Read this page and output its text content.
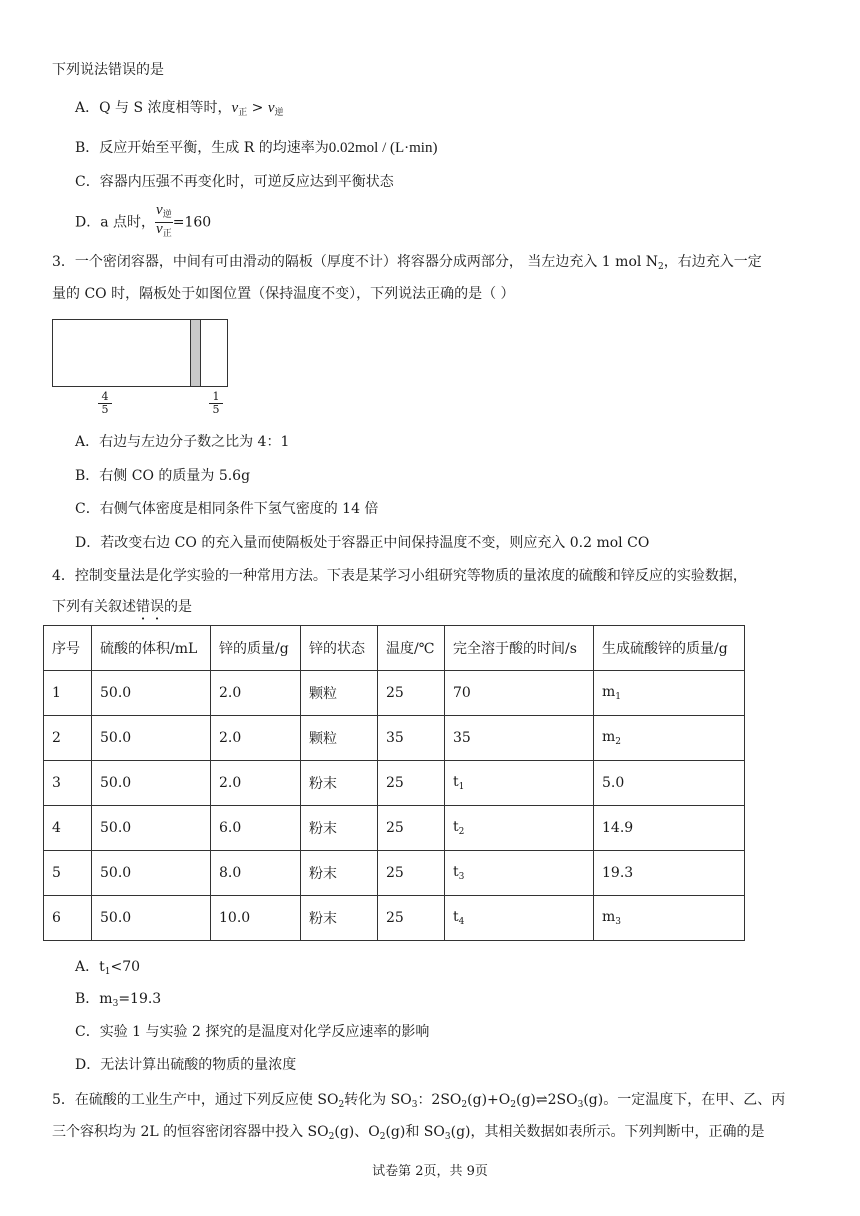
下列说法错误的是
A．Q 与 S 浓度相等时，$v_正 > v_逆$
B．反应开始至平衡，生成 R 的均速率为0.02mol / (L·min)
C．容器内压强不再变化时，可逆反应达到平衡状态
D．a 点时， $\frac{v_逆}{v_正} =160$
3．一个密闭容器，中间有可由滑动的隔板（厚度不计）将容器分成两部分， 当左边充入 1 mol $N_2$，右边充入一定
量的 CO 时，隔板处于如图位置（保持温度不变），下列说法正确的是（ ）
4
5
1
5
A．右边与左边分子数之比为 4：1
B．右侧 CO 的质量为 5.6g
C．右侧气体密度是相同条件下氢气密度的 14 倍
D．若改变右边 CO 的充入量而使隔板处于容器正中间保持温度不变，则应充入 0.2 mol CO
4．控制变量法是化学实验的一种常用方法。下表是某学习小组研究等物质的量浓度的硫酸和锌反应的实验数据，
下列有关叙述错误的是
序号	硫酸的体积/mL	锌的质量/g	锌的状态	温度/℃	完全溶于酸的时间/s	生成硫酸锌的质量/g
1	50.0	2.0	颗粒	25	70	$m_1$
2	50.0	2.0	颗粒	35	35	$m_2$
3	50.0	2.0	粉末	25	$t_1$	5.0
4	50.0	6.0	粉末	25	$t_2$	14.9
5	50.0	8.0	粉末	25	$t_3$	19.3
6	50.0	10.0	粉末	25	$t_4$	$m_3$
A．$t_1<70$
B．$m_3=19.3$
C．实验 1 与实验 2 探究的是温度对化学反应速率的影响
D．无法计算出硫酸的物质的量浓度
5．在硫酸的工业生产中，通过下列反应使 $SO_2$转化为 $SO_3$：$2SO_2(g)+O_2(g)\rightleftharpoons 2SO_3(g)$。一定温度下，在甲、乙、丙
三个容积均为 2L 的恒容密闭容器中投入 $SO_2(g)$、$O_2(g)$和 $SO_3(g)$，其相关数据如表所示。下列判断中，正确的是
试卷第 2页，共 9页
